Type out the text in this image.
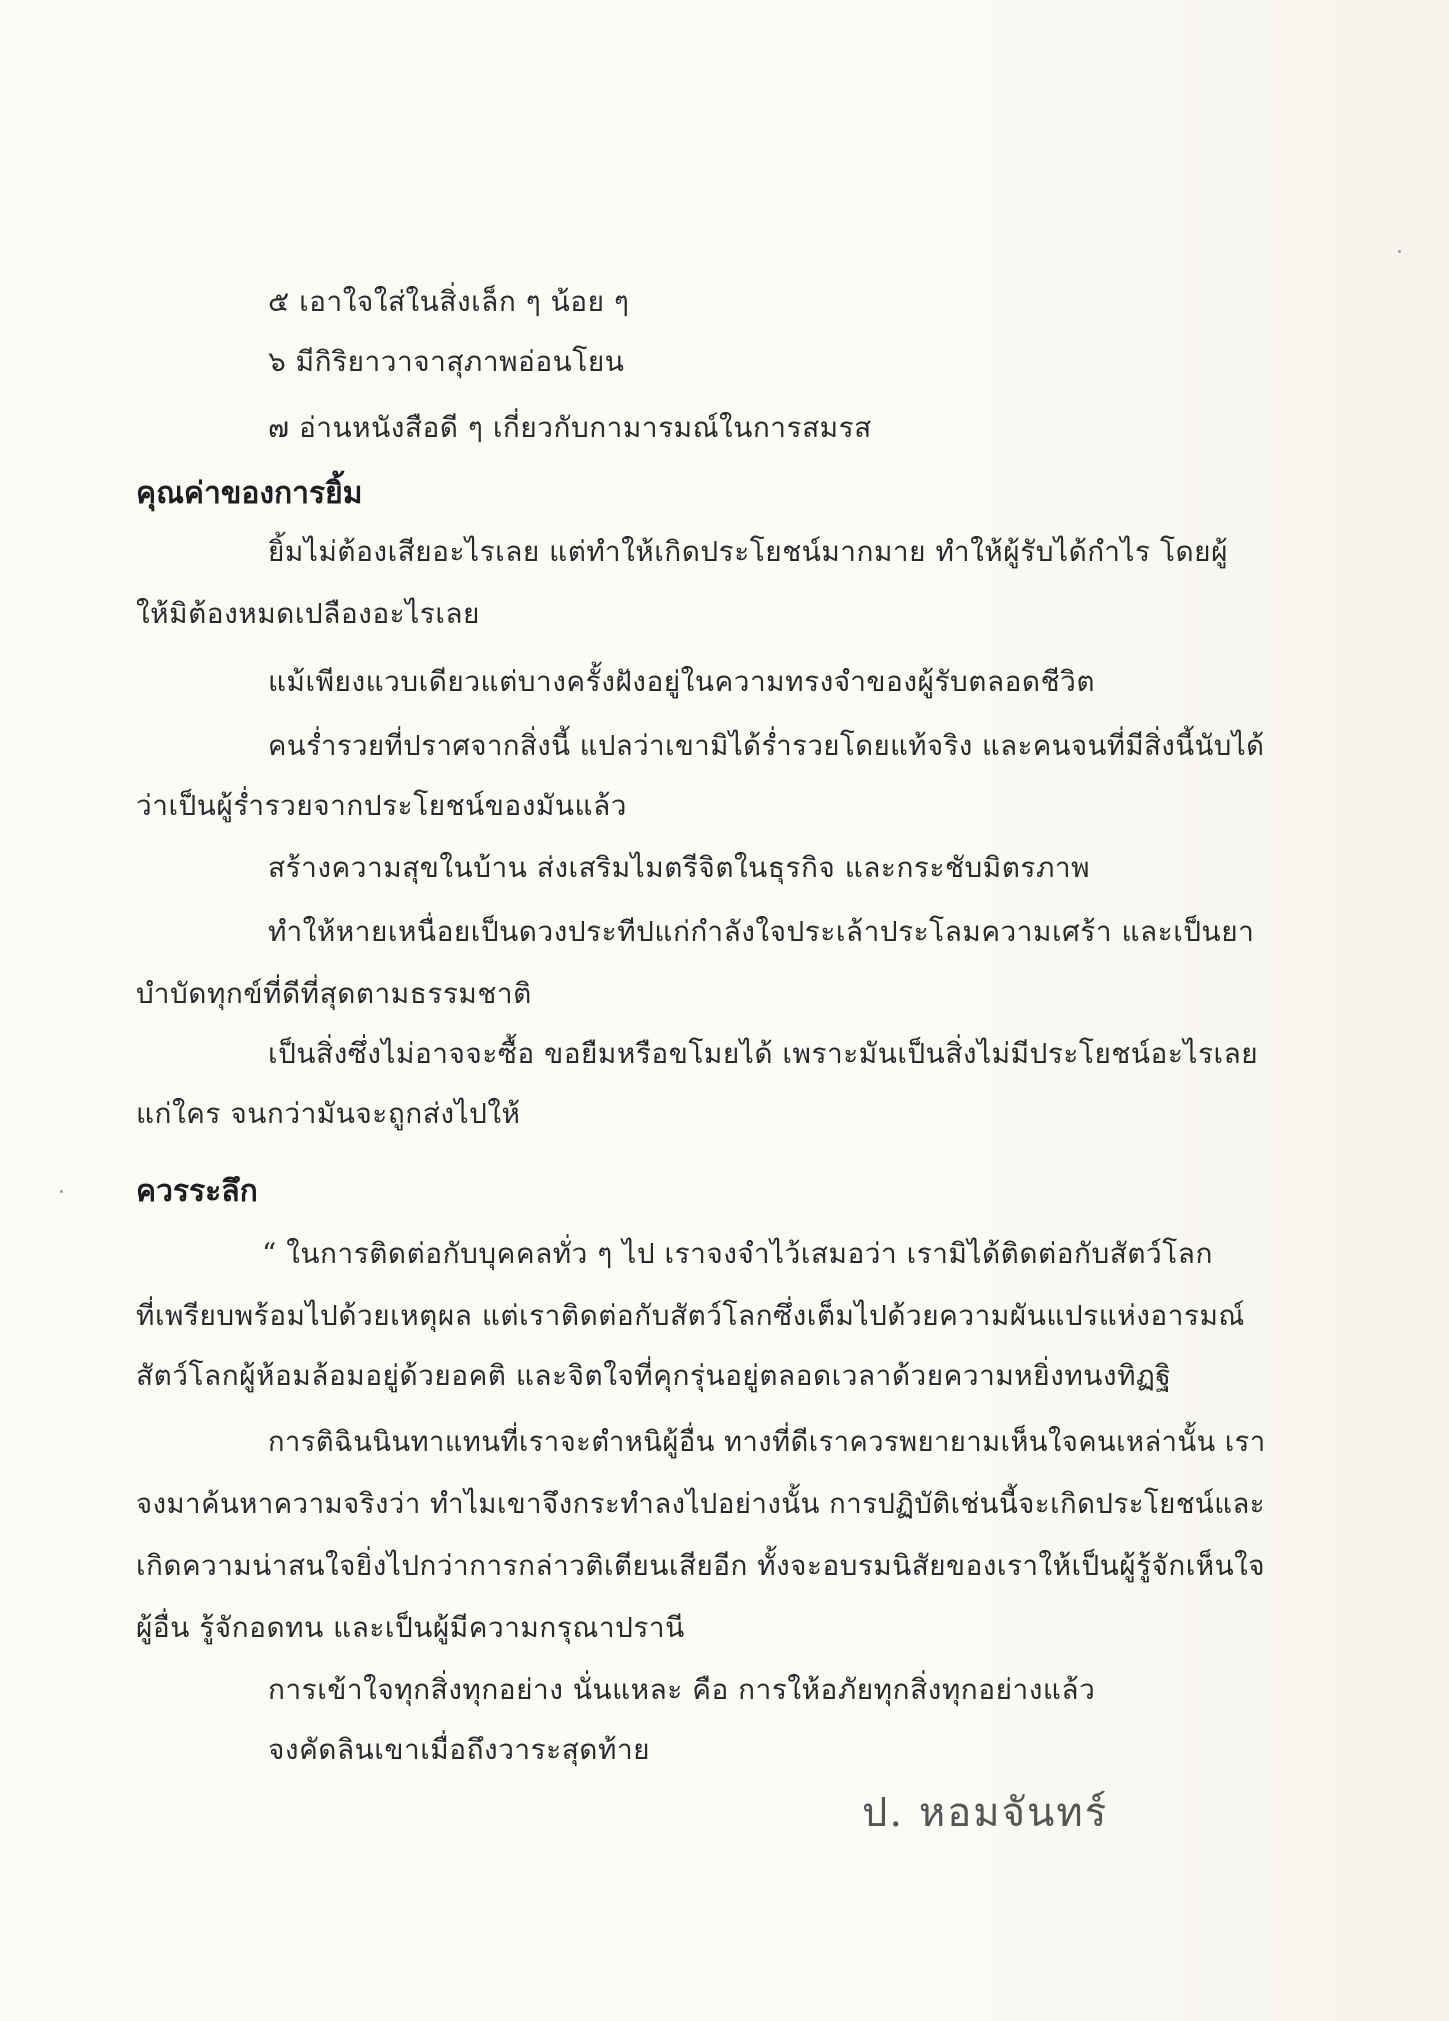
๕ เอาใจใส่ในสิ่งเล็ก ๆ น้อย ๆ
๖ มีกิริยาวาจาสุภาพอ่อนโยน
๗ อ่านหนังสือดี ๆ เกี่ยวกับกามารมณ์ในการสมรส
คุณค่าของการยิ้ม
ยิ้มไม่ต้องเสียอะไรเลย แต่ทำให้เกิดประโยชน์มากมาย ทำให้ผู้รับได้กำไร โดยผู้
ให้มิต้องหมดเปลืองอะไรเลย
แม้เพียงแวบเดียวแต่บางครั้งฝังอยู่ในความทรงจำของผู้รับตลอดชีวิต
คนร่ำรวยที่ปราศจากสิ่งนี้ แปลว่าเขามิได้ร่ำรวยโดยแท้จริง และคนจนที่มีสิ่งนี้นับได้
ว่าเป็นผู้ร่ำรวยจากประโยชน์ของมันแล้ว
สร้างความสุขในบ้าน ส่งเสริมไมตรีจิตในธุรกิจ และกระชับมิตรภาพ
ทำให้หายเหนื่อยเป็นดวงประทีปแก่กำลังใจประเล้าประโลมความเศร้า และเป็นยา
บำบัดทุกข์ที่ดีที่สุดตามธรรมชาติ
เป็นสิ่งซึ่งไม่อาจจะซื้อ ขอยืมหรือขโมยได้ เพราะมันเป็นสิ่งไม่มีประโยชน์อะไรเลย
แก่ใคร จนกว่ามันจะถูกส่งไปให้
ควรระลึก
“ ในการติดต่อกับบุคคลทั่ว ๆ ไป เราจงจำไว้เสมอว่า เรามิได้ติดต่อกับสัตว์โลก
ที่เพรียบพร้อมไปด้วยเหตุผล แต่เราติดต่อกับสัตว์โลกซึ่งเต็มไปด้วยความผันแปรแห่งอารมณ์
สัตว์โลกผู้ห้อมล้อมอยู่ด้วยอคติ และจิตใจที่คุกรุ่นอยู่ตลอดเวลาด้วยความหยิ่งทนงทิฏฐิ
การติฉินนินทาแทนที่เราจะตำหนิผู้อื่น ทางที่ดีเราควรพยายามเห็นใจคนเหล่านั้น เรา
จงมาค้นหาความจริงว่า ทำไมเขาจึงกระทำลงไปอย่างนั้น การปฏิบัติเช่นนี้จะเกิดประโยชน์และ
เกิดความน่าสนใจยิ่งไปกว่าการกล่าวติเตียนเสียอีก ทั้งจะอบรมนิสัยของเราให้เป็นผู้รู้จักเห็นใจ
ผู้อื่น รู้จักอดทน และเป็นผู้มีความกรุณาปรานี
การเข้าใจทุกสิ่งทุกอย่าง นั่นแหละ คือ การให้อภัยทุกสิ่งทุกอย่างแล้ว
จงคัดลินเขาเมื่อถึงวาระสุดท้าย
ป. หอมจันทร์
